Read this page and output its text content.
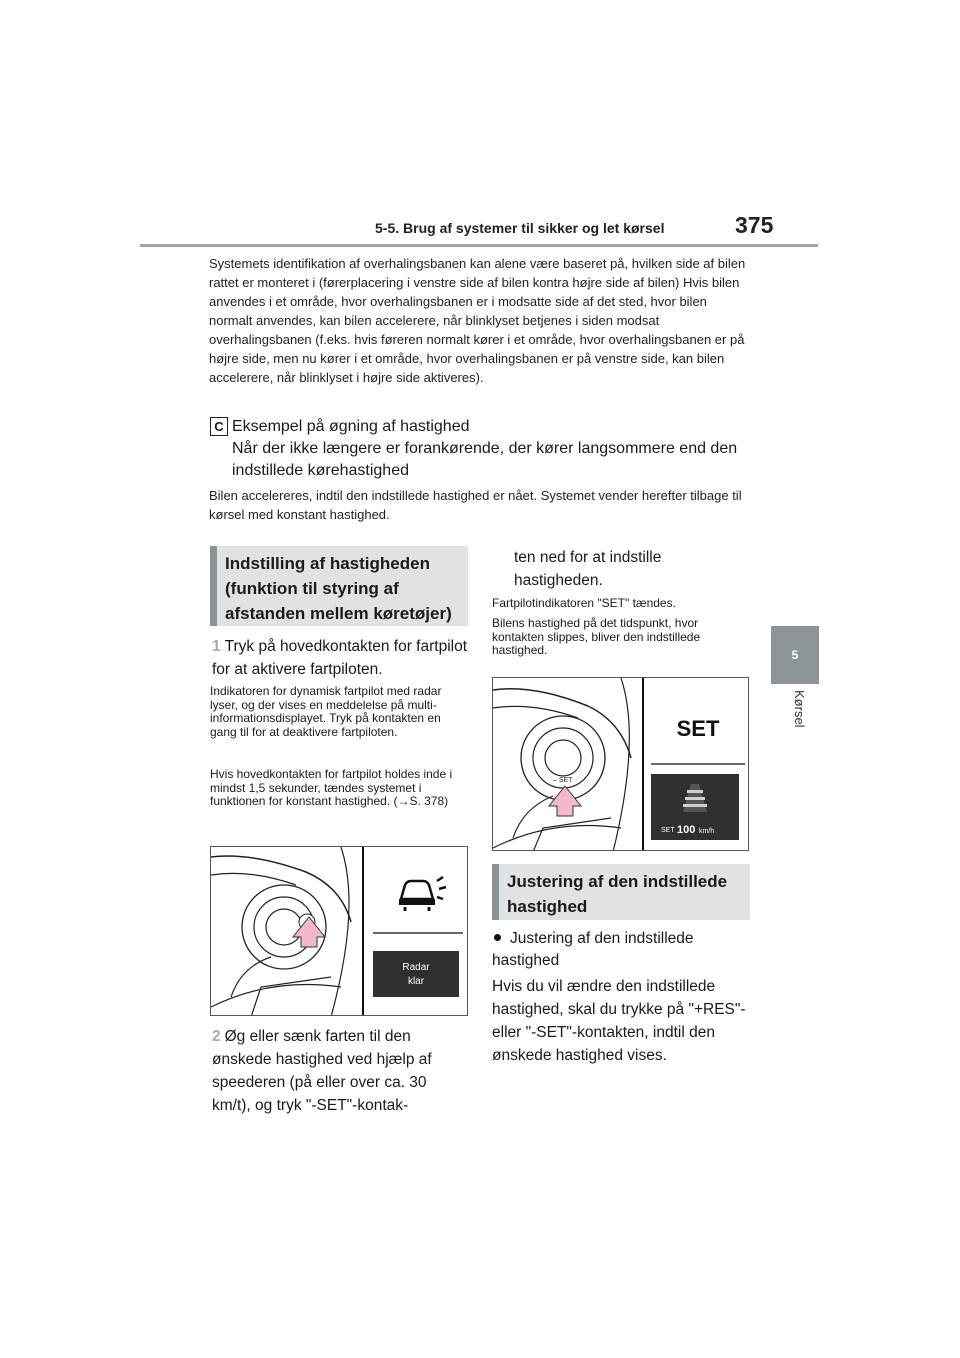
5-5. Brug af systemer til sikker og let kørsel	375
5
Kørsel

Systemets identifikation af overhalingsbanen kan alene være baseret på, hvilken side af bilen rattet er monteret i (førerplacering i venstre side af bilen kontra højre side af bilen) Hvis bilen anvendes i et område, hvor overhalingsbanen er i modsatte side af det sted, hvor bilen normalt anvendes, kan bilen accelerere, når blinklyset betjenes i siden modsat overhalingsbanen (f.eks. hvis føreren normalt kører i et område, hvor overhalingsbanen er på højre side, men nu kører i et område, hvor overhalingsbanen er på venstre side, kan bilen accelerere, når blinklyset i højre side aktiveres).

C Eksempel på øgning af hastighed
Når der ikke længere er forankørende, der kører langsommere end den indstillede kørehastighed

Bilen accelereres, indtil den indstillede hastighed er nået. Systemet vender herefter tilbage til kørsel med konstant hastighed.

Indstilling af hastigheden (funktion til styring af afstanden mellem køretøjer)
1 Tryk på hovedkontakten for fartpilot for at aktivere fartpiloten.
Indikatoren for dynamisk fartpilot med radar lyser, og der vises en meddelelse på multi-informationsdisplayet. Tryk på kontakten en gang til for at deaktivere fartpiloten.
Hvis hovedkontakten for fartpilot holdes inde i mindst 1,5 sekunder, tændes systemet i funktionen for konstant hastighed. (→S. 378)
Radar
klar
2 Øg eller sænk farten til den ønskede hastighed ved hjælp af speederen (på eller over ca. 30 km/t), og tryk "-SET"-kontak-
ten ned for at indstille hastigheden.
Fartpilotindikatoren "SET" tændes.
Bilens hastighed på det tidspunkt, hvor kontakten slippes, bliver den indstillede hastighed.
– SET
SET
SET 100 km/h
Justering af den indstillede hastighed
Justering af den indstillede hastighed
Hvis du vil ændre den indstillede hastighed, skal du trykke på "+RES"- eller "-SET"-kontakten, indtil den ønskede hastighed vises.
